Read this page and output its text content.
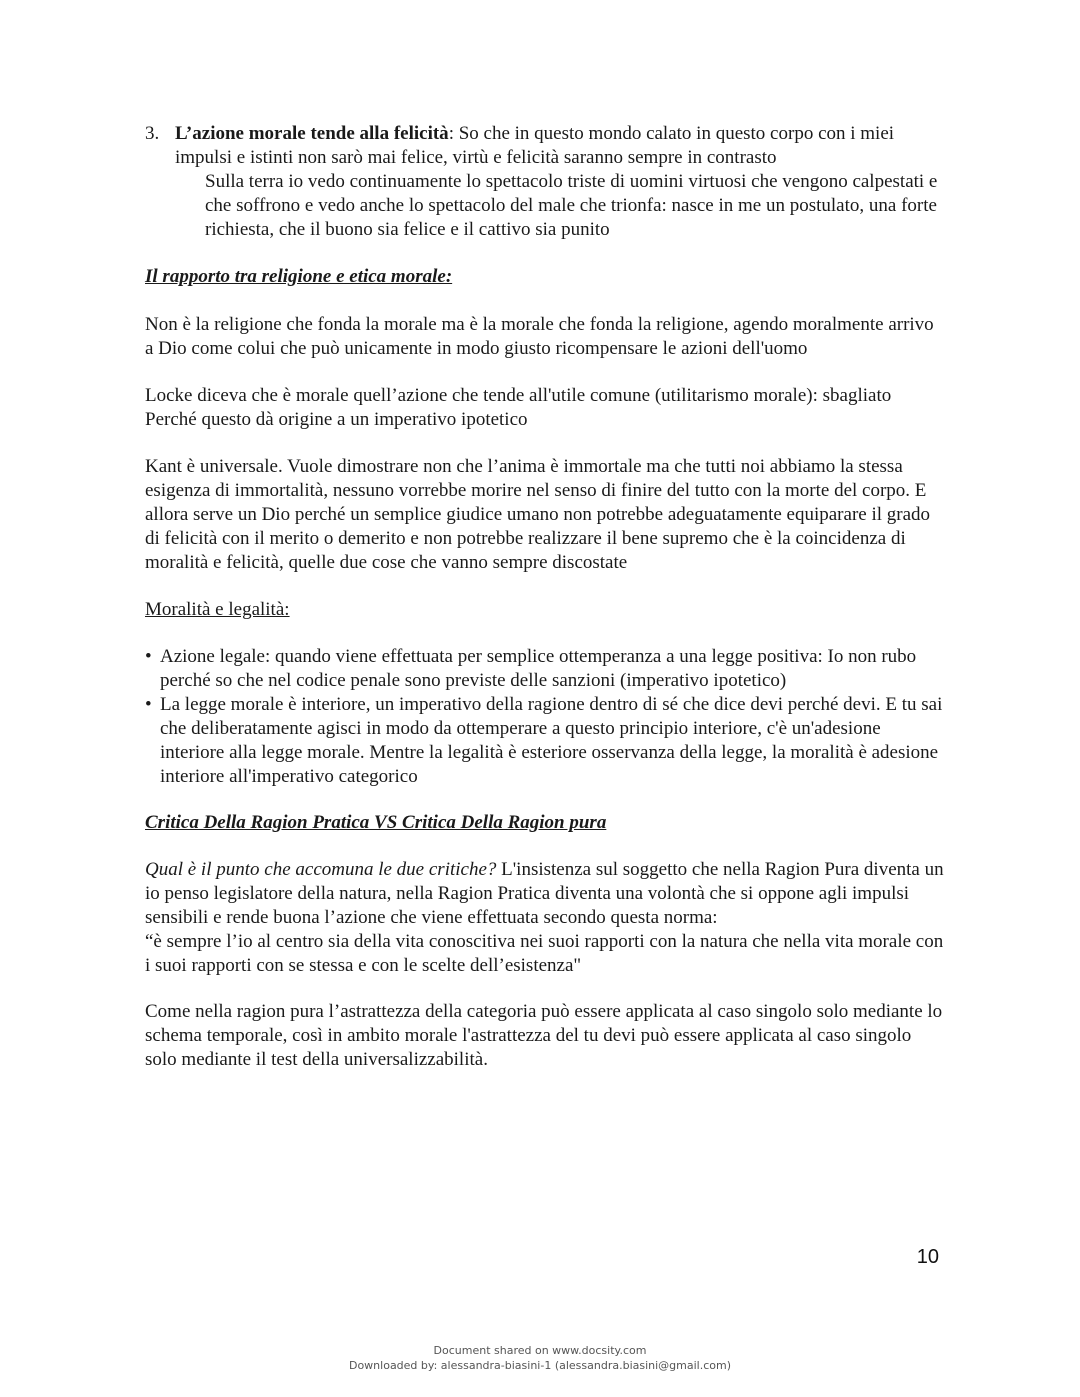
3. L’azione morale tende alla felicità: So che in questo mondo calato in questo corpo con i miei impulsi e istinti non sarò mai felice, virtù e felicità saranno sempre in contrasto
Sulla terra io vedo continuamente lo spettacolo triste di uomini virtuosi che vengono calpestati e che soffrono e vedo anche lo spettacolo del male che trionfa: nasce in me un postulato, una forte richiesta, che il buono sia felice e il cattivo sia punito
Il rapporto tra religione e etica morale:
Non è la religione che fonda la morale ma è la morale che fonda la religione, agendo moralmente arrivo a Dio come colui che può unicamente in modo giusto ricompensare le azioni dell'uomo
Locke diceva che è morale quell’azione che tende all'utile comune (utilitarismo morale): sbagliato Perché questo dà origine a un imperativo ipotetico
Kant è universale. Vuole dimostrare non che l’anima è immortale ma che tutti noi abbiamo la stessa esigenza di immortalità, nessuno vorrebbe morire nel senso di finire del tutto con la morte del corpo. E allora serve un Dio perché un semplice giudice umano non potrebbe adeguatamente equiparare il grado di felicità con il merito o demerito e non potrebbe realizzare il bene supremo che è la coincidenza di moralità e felicità, quelle due cose che vanno sempre discostate
Moralità e legalità:
• Azione legale: quando viene effettuata per semplice ottemperanza a una legge positiva: Io non rubo perché so che nel codice penale sono previste delle sanzioni (imperativo ipotetico)
• La legge morale è interiore, un imperativo della ragione dentro di sé che dice devi perché devi. E tu sai che deliberatamente agisci in modo da ottemperare a questo principio interiore, c'è un'adesione interiore alla legge morale. Mentre la legalità è esteriore osservanza della legge, la moralità è adesione interiore all'imperativo categorico
Critica Della Ragion Pratica VS Critica Della Ragion pura
Qual è il punto che accomuna le due critiche? L'insistenza sul soggetto che nella Ragion Pura diventa un io penso legislatore della natura, nella Ragion Pratica diventa una volontà che si oppone agli impulsi sensibili e rende buona l’azione che viene effettuata secondo questa norma:
“è sempre l’io al centro sia della vita conoscitiva nei suoi rapporti con la natura che nella vita morale con i suoi rapporti con se stessa e con le scelte dell’esistenza"
Come nella ragion pura l’astrattezza della categoria può essere applicata al caso singolo solo mediante lo schema temporale, così in ambito morale l'astrattezza del tu devi può essere applicata al caso singolo solo mediante il test della universalizzabilità.
10
Document shared on www.docsity.com
Downloaded by: alessandra-biasini-1 (alessandra.biasini@gmail.com)
